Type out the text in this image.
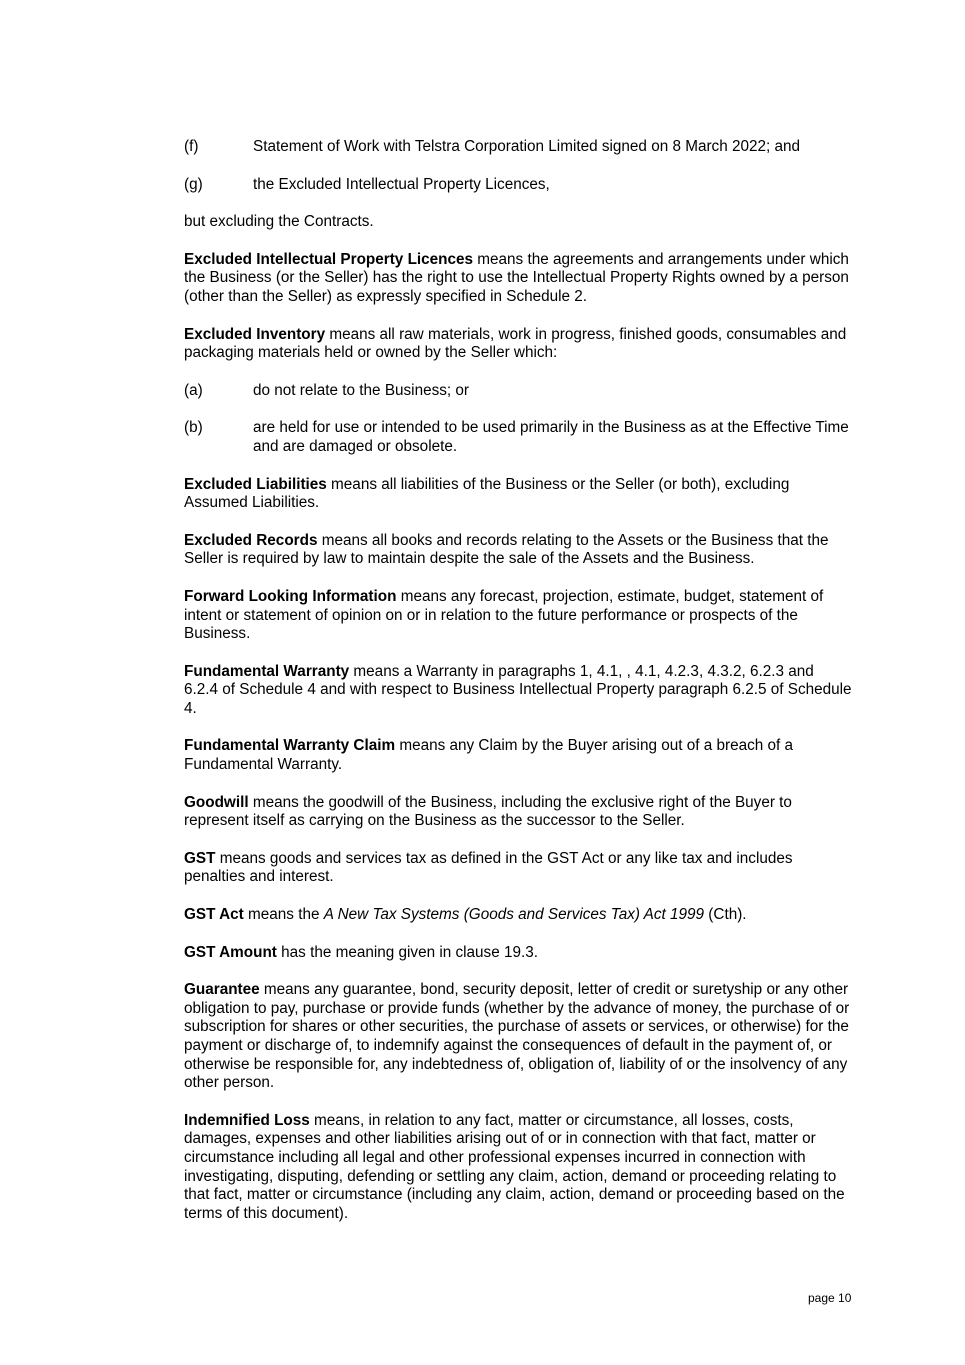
(f)	Statement of Work with Telstra Corporation Limited signed on 8 March 2022; and
(g)	the Excluded Intellectual Property Licences,

but excluding the Contracts.

Excluded Intellectual Property Licences means the agreements and arrangements under which the Business (or the Seller) has the right to use the Intellectual Property Rights owned by a person (other than the Seller) as expressly specified in Schedule 2.

Excluded Inventory means all raw materials, work in progress, finished goods, consumables and packaging materials held or owned by the Seller which:

(a)	do not relate to the Business; or
(b)	are held for use or intended to be used primarily in the Business as at the Effective Time and are damaged or obsolete.

Excluded Liabilities means all liabilities of the Business or the Seller (or both), excluding Assumed Liabilities.

Excluded Records means all books and records relating to the Assets or the Business that the Seller is required by law to maintain despite the sale of the Assets and the Business.

Forward Looking Information means any forecast, projection, estimate, budget, statement of intent or statement of opinion on or in relation to the future performance or prospects of the Business.

Fundamental Warranty means a Warranty in paragraphs 1, 4.1, , 4.1, 4.2.3, 4.3.2, 6.2.3 and 6.2.4 of Schedule 4 and with respect to Business Intellectual Property paragraph 6.2.5 of Schedule 4.

Fundamental Warranty Claim means any Claim by the Buyer arising out of a breach of a Fundamental Warranty.

Goodwill means the goodwill of the Business, including the exclusive right of the Buyer to represent itself as carrying on the Business as the successor to the Seller.

GST means goods and services tax as defined in the GST Act or any like tax and includes penalties and interest.

GST Act means the A New Tax Systems (Goods and Services Tax) Act 1999 (Cth).

GST Amount has the meaning given in clause 19.3.

Guarantee means any guarantee, bond, security deposit, letter of credit or suretyship or any other obligation to pay, purchase or provide funds (whether by the advance of money, the purchase of or subscription for shares or other securities, the purchase of assets or services, or otherwise) for the payment or discharge of, to indemnify against the consequences of default in the payment of, or otherwise be responsible for, any indebtedness of, obligation of, liability of or the insolvency of any other person.

Indemnified Loss means, in relation to any fact, matter or circumstance, all losses, costs, damages, expenses and other liabilities arising out of or in connection with that fact, matter or circumstance including all legal and other professional expenses incurred in connection with investigating, disputing, defending or settling any claim, action, demand or proceeding relating to that fact, matter or circumstance (including any claim, action, demand or proceeding based on the terms of this document).

page 10
